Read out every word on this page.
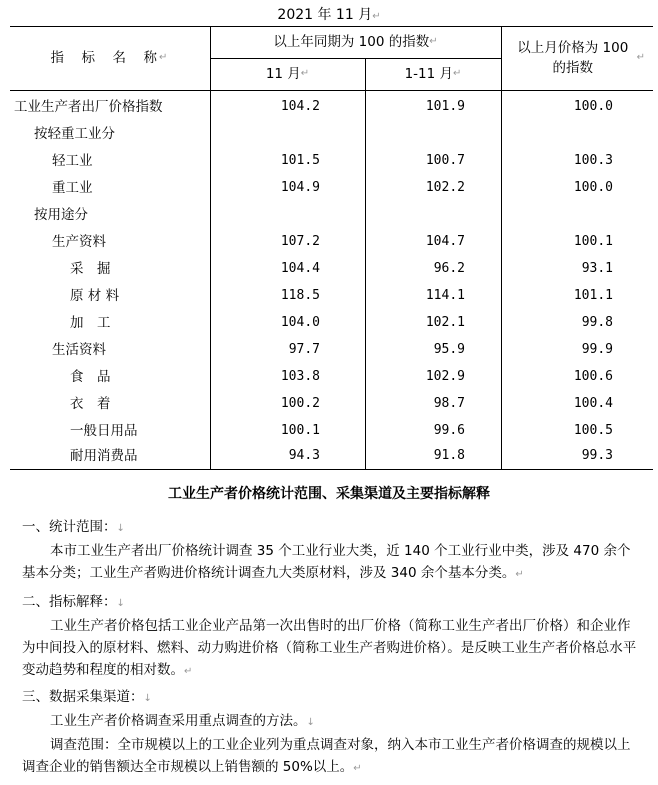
2021 年 11 月↵
指　标　名　称 ↵
以上年同期为 100 的指数 ↵
11 月 ↵	1-11 月 ↵
以上月价格为 100 的指数
↵
工业生产者出厂价格指数	104.2	101.9	100.0
按轻重工业分
轻工业	101.5	100.7	100.3
重工业	104.9	102.2	100.0
按用途分
生产资料	107.2	104.7	100.1
采　掘	104.4	96.2	93.1
原 材 料	118.5	114.1	101.1
加　工	104.0	102.1	99.8
生活资料	97.7	95.9	99.9
食　品	103.8	102.9	100.6
衣　着	100.2	98.7	100.4
一般日用品	100.1	99.6	100.5
耐用消费品	94.3	91.8	99.3
工业生产者价格统计范围、采集渠道及主要指标解释

一、统计范围：↓

本市工业生产者出厂价格统计调查 35 个工业行业大类，近 140 个工业行业中类，涉及 470 余个基本分类；工业生产者购进价格统计调查九大类原材料，涉及 340 余个基本分类。↵

二、指标解释：↓

工业生产者价格包括工业企业产品第一次出售时的出厂价格（简称工业生产者出厂价格）和企业作为中间投入的原材料、燃料、动力购进价格（简称工业生产者购进价格）。是反映工业生产者价格总水平变动趋势和程度的相对数。↵

三、数据采集渠道：↓

工业生产者价格调查采用重点调查的方法。↓

调查范围：全市规模以上的工业企业列为重点调查对象，纳入本市工业生产者价格调查的规模以上调查企业的销售额达全市规模以上销售额的 50%以上。↵
